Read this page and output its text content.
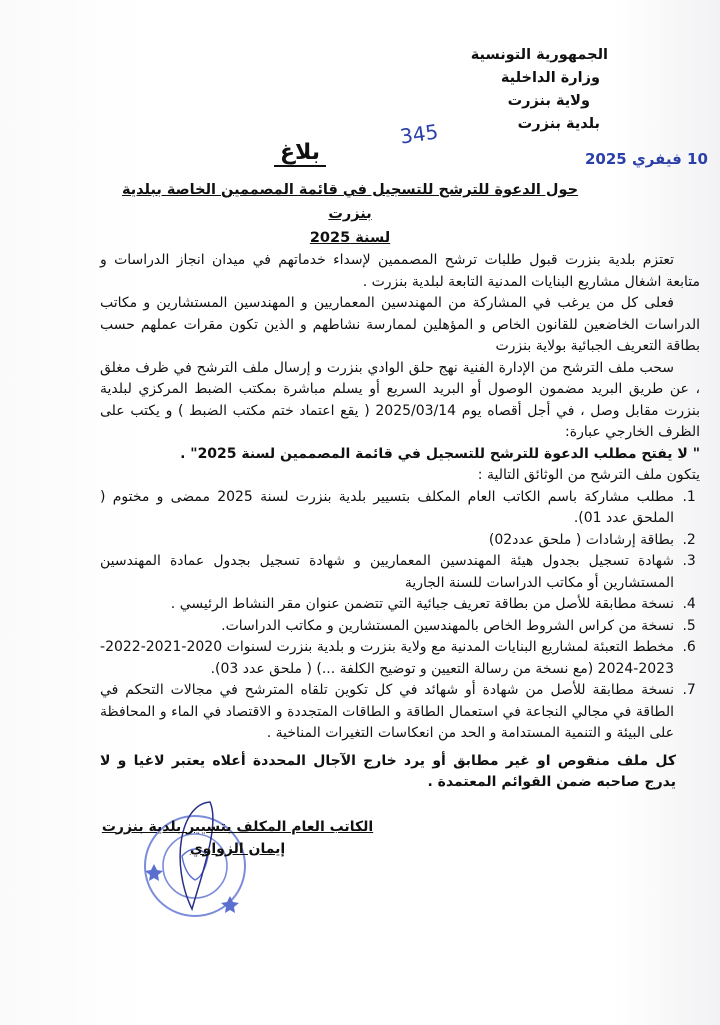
الجمهورية التونسية
وزارة الداخلية
ولاية بنزرت
بلدية بنزرت
345
10 فيفري 2025
بلاغ
حول الدعوة للترشح للتسجيل في قائمة المصممين الخاصة ببلدية بنزرت
لسنة 2025

تعتزم بلدية بنزرت قبول طلبات ترشح المصممين لإسداء خدماتهم في ميدان انجاز الدراسات و متابعة اشغال مشاريع البنايات المدنية التابعة لبلدية بنزرت .

فعلى كل من يرغب في المشاركة من المهندسين المعماريين و المهندسين المستشارين و مكاتب الدراسات الخاضعين للقانون الخاص و المؤهلين لممارسة نشاطهم و الذين تكون مقرات عملهم حسب بطاقة التعريف الجبائية بولاية بنزرت

سحب ملف الترشح من الإدارة الفنية نهج حلق الوادي بنزرت و إرسال ملف الترشح في ظرف مغلق ، عن طريق البريد مضمون الوصول أو البريد السريع أو يسلم مباشرة بمكتب الضبط المركزي لبلدية بنزرت مقابل وصل ، في أجل أقصاه يوم 2025/03/14 ( يقع اعتماد ختم مكتب الضبط ) و يكتب على الظرف الخارجي عبارة:

" لا يفتح مطلب الدعوة للترشح للتسجيل في قائمة المصممين لسنة 2025" .

يتكون ملف الترشح من الوثائق التالية :

1. مطلب مشاركة باسم الكاتب العام المكلف بتسيير بلدية بنزرت لسنة 2025 ممضى و مختوم ( الملحق عدد 01).
2. بطاقة إرشادات ( ملحق عدد02)
3. شهادة تسجيل بجدول هيئة المهندسين المعماريين و شهادة تسجيل بجدول عمادة المهندسين المستشارين أو مكاتب الدراسات للسنة الجارية
4. نسخة مطابقة للأصل من بطاقة تعريف جبائية التي تتضمن عنوان مقر النشاط الرئيسي .
5. نسخة من كراس الشروط الخاص بالمهندسين المستشارين و مكاتب الدراسات.
6. مخطط التعبئة لمشاريع البنايات المدنية مع ولاية بنزرت و بلدية بنزرت لسنوات 2020-2021-2022-2023-2024 (مع نسخة من رسالة التعيين و توضيح الكلفة ...) ( ملحق عدد 03).
7. نسخة مطابقة للأصل من شهادة أو شهائد في كل تكوين تلقاه المترشح في مجالات التحكم في الطاقة في مجالي النجاعة في استعمال الطاقة و الطاقات المتجددة و الاقتصاد في الماء و المحافظة على البيئة و التنمية المستدامة و الحد من انعكاسات التغيرات المناخية .

كل ملف منقوص او غير مطابق أو يرد خارج الآجال المحددة أعلاه يعتبر لاغيا و لا يدرج صاحبه ضمن القوائم المعتمدة .

الكاتب العام المكلف بتسيير بلدية بنزرت
إيمان الزواوي
